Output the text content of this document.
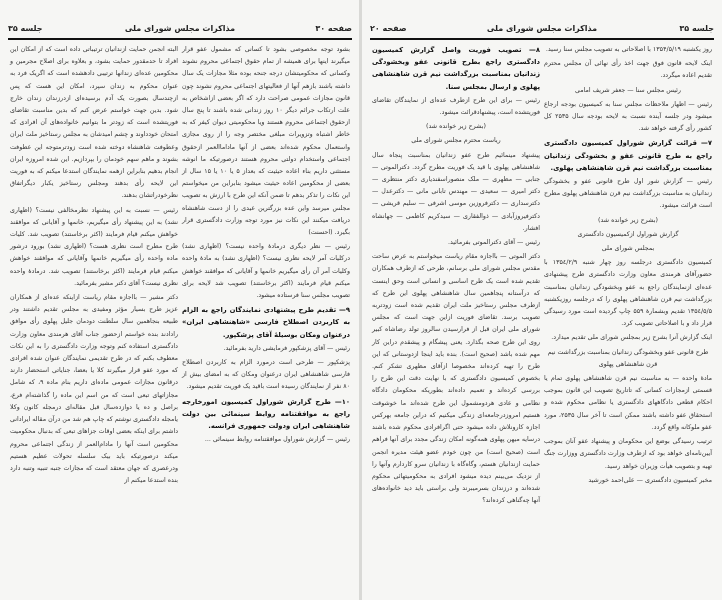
صفحه ۳۰
مذاکرات مجلس شورای ملی
جلسه ۳۵

بشود توجه مخصوصی بشود تا کسانی که مشمول عفو قرار میگیرند اینها برای همیشه از تمام حقوق اجتماعی محروم نشوند وکسانی که محکومیتشان درجه جنحه بوده مثلا مجازات یک سال داشته باشند بازهم آنها از فعالیتهای اجتماعی محروم نشوند چون قانون مجازات عمومی صراحت دارد که اگر بعضی ازاشخاص به علت ارتکاب جرائم دیگر ۱۰ روز زندانی شده باشند تا پنج سال ازحقوق اجتماعی محروم هستند ویا محکومیتی دیوان کیفر که به خاطر اشتباه وتزویرات مبلغی مختصر وجه را از روی مجازی واستعمال محکوم شده‌اند بعضی از آنها ماداماالعمر ازحقوق اجتماعی واستخدام دولتی محروم هستند درصورتیکه ما انوشه مستثنی داریم بناء اعاده حیثیت که بعداز ۵ یا ۱۰ یا ۱۵ سال از بعضی از محکومین اعاده حیثیت میشود بنابراین من میخواستم این نکات را تذکر بدهم تا ضمن آنکه این طرح با ارزش به تصویب مجلس میرسد واین عده بزرگترین عیدی را از دست شاهنشاه دریافت میکنند این نکات نیز مورد توجه وزارت دادگستری قرار بگیرد. (احسنت)

رئیس — نظر دیگری درمادهٔ واحده نیست؟ (اظهاری نشد) درکلیات آمر لایحه نظری نیست؟ (اظهاری نشد) به مادهٔ واحده وکلیات آمر آن رأی میگیریم خانمها و آقایانی که موافقند خواهش میکنم قیام فرمایند (اکثر برخاستند) تصویب شد لایحه برای تصویب مجلس سنا فرستاده میشود.

۹— تقدیم طرح پیشنهادی نمایندگان راجع به الزام به کاربردن اصطلاح فارسی «شاهنشاهی ایران» درعنوان ومکان بوسیلهٔ آقای پزشکپور.

رئیس — آقای پزشکپور فرمایشی دارید بفرمائید.

پزشکپور — طرحی است درمورد الزام به کاربردن اصطلاح فارسی شاهنشاهی ایران درعنوان ومکان که به امضای بیش از ۸۰ نفر از نمایندگان رسیده است باقید یک فوریت تقدیم میشود.

۱۰— طرح گزارش شوراول کمیسیون امورخارجه راجع به موافقتنامه روابط سینمائی بین دولت شاهنشاهی ایران ودولت جمهوری فرانسه.

رئیس — گزارش شوراول موافقتنامه روابط سینمائی ...

البته انجمن حمایت ازندانیان ترتیباتی داده است که از امکان این افراد تا حدمقدور حمایت بشود، و بعلاوه برای اصلاح مجرمین و محکومین عده‌ای زندانها ترتیبی دادهشده است که اگریک فرد به عنوان محکوم به زندان سپرد، امکان این هست که پس ازچندسال بصورت یک آدم برسیده‌ای ازدرزندان زندان خارج شود. بدین جهت خواستم عرض کنم که بدین مناسبت تقاضای فوریتشده است که زودتر ما بتوانیم خانواده‌های آن افرادی که امتحان خودداوند و چشم امیدشان به مجلس رستاخیز ملت ایران وعطوفت شاهنشاه دوخته شده است زودترمتوجه این عطوفت بشوند و ماهم سهم خودمان را بپردازیم. این شده امروزه ایران انجام بدهیم بنابراین ازهمه نمایندگان استدعا میکنم که به فوریت این لایحه رأی بدهند ومجلس رستاخیز یکبار دیگراتفاق نظرخودراتشان بدهند.

رئیس — نسبت به این پیشنهاد نظرمخالفی نیست؟ (اظهاری نشد) به این پیشنهاد رأی میگیریم، خانمها و آقایانی که موافقند خواهش میکنم قیام فرمایند (اکثر برخاستند) تصویب شد. کلیات طرح مطرح است نظری هست؟ (اظهاری نشد) بورود درشور ماده واحده رأی میگیریم خانمها وآقایانی که موافقند خواهش میکنم قیام فرمایند (اکثر برخاستند) تصویب شد. درمادهٔ واحده نظری نیست؟ آقای دکتر مشیر بفرمائید.

دکتر مشیر — بااجازه مقام ریاست ازاینکه عده‌ای از همکاران عزیز طرح بسیار مؤثر ومفیدی به مجلس تقدیم داشتند ودر طبیعه بنجاهمین سال سلطنت دودمان جلیل پهلوی رأی موافق رادادند بنده خواستم ازحضور جناب آقای هرمندی معاون وزارت دادگستری استفاده کنم وتوجه وزارت دادگستری را به این نکات معطوف بکنم که در طرح تقدیمی نمایندگان عنوان شده افرادی که مورد عفو قرار میگیرند کلا یا بعضا، جنایاتی استحضار دارند درقانون مجازات عمومی ماده‌ای داریم بنام ماده ۹، که شامل مجازاتهای تبعی است که من اسم این ماده را گذاشته‌ام فرع، براصل و ده یا دوازده‌سال قبل مقاله‌ای درمجله کانون وکلا یامجله دادگستری نوشتم که چاپ هم شد من درآن مقاله ایرادانی داشتم برای اینکه بعضی اوقات جزاهای تبعی که بدنبال محکومیت محکومین است آنها را مادام‌العمر از زندگی اجتماعی محروم میکند درصورتیکه باید بیک سلسله تحولات عظیم هستیم ودرعصری که جهان معتقد است که مجازات جنبه تنبیه وتنبه دارد بنده استدعا میکنم از

جلسه ۳۵
مذاکرات مجلس شورای ملی
صفحه ۲۰

روز یکشنبه ۱۳۵۴/۵/۱۹ با اصلاحاتی به تصویب مجلس سنا رسید.

اینک لایحه قانون فوق جهت اخذ رأی نهائی آن مجلس محترم تقدیم اعاده میگردد.

رئیس مجلس سنا — جعفر شریف امامی

رئیس — اظهار ملاحظات مجلس سنا به کمیسیون بودجه ارجاع میشود ودر جلسه آینده نسبت به لایحه بودجه سال ۲۵۳۵ کل کشور رأی گرفته خواهد شد.

۷— قرائت گزارش شوراول کمیسیون دادگستری راجع به طرح قانونی عفو و بخشودگی زندانیان بمناسبت بزرگداشت نیم قرن شاهنشاهی پهلوی.

رئیس — گزارش شور اول طرح قانونی عفو و بخشودگی زندانیان به مناسبت بزرگداشت نیم قرن شاهنشاهی پهلوی مطرح است قرائت میشود.

(بشرح زیر خوانده شد)

گزارش شوراول ازکمیسیون دادگستری

بمجلس شورای ملی

کمیسیون دادگستری درجلسه روز چهار شنبه ۱۳۵٤/۲/۹ با حضورآقای هرمندی معاون وزارت دادگستری طرح پیشنهادی عده‌ای ازنمایندگان راجع به عفو وبخشودگی زندانیان بمناسبت بزرگداشت نیم قرن شاهنشاهی پهلوی را که درجلسه روزیکشنبه ۱۳۵٤/۵/۵ تقدیم وبشمارهٔ ۵۵۹ چاپ گردیده است مورد رسیدگی قرار داد و با اصلاحاتی تصویب کرد.

اینک گزارش آنرا بشرح زیر بمجلس شورای ملی تقدیم میدارد.

طرح قانونی عفو وبخشودگی زندانیان بمناسبت بزرگداشت نیم قرن شاهنشاهی پهلوی

مادهٔ واحده — به مناسبت نیم قرن شاهنشاهی پهلوی تمام یا قسمتی ازمجازات کسانی که تاتاریخ تصویب این قانون بموجب احکام قطعی دادگاههای دادگستری یا نظامی محکوم شده و استحقاق عفو داشته باشند ممکن است تا آخر سال ۲۵۳۵، مورد عفو ملوکانه واقع گردد.

ترتیب رسیدگی بوضع این محکومان و پیشنهاد عفو آنان بموجب آیین‌نامه‌ای خواهد بود که ازطرف وزارت دادگستری ووزارت جنگ تهیه و بتصویب هیأت وزیران خواهد رسید.

مخبر کمیسیون دادگستری — علی‌احمد خورشید

۸— تصویب فوریت واصل گزارش کمیسیون دادگستری راجع بطرح قانونی عفو وبخشودگی زندانیان بمناسبت بزرگداشت نیم قرن شاهنشاهی پهلوی و ارسال بمجلس سنا.

رئیس — برای این طرح ازطرف عده‌ای از نمایندگان تقاضای فوریتشده است، پیشنهادقرائت میشود.

(بشرح زیر خوانده شد)

ریاست محترم مجلس شورای ملی

پیشنهاد مینمائیم طرح عفو زندانیان بمناسبت پنجاه سال شاهنشاهی پهلوی با قید یک فوریت مطرح گردد. دکترالموتی — جنابی — مظهری — ملک منصوراسفندیاری دکتر منتظری — دکتر امیری — سعیدی — مهندس تابانی مانی — دکترعدل — دکترسداری — دکترفروزین موسی اشرفی — سلیم قریشی — دکترفیروزآبادی — ذوالفقاری — سیدکریم کاظمی — جهانشاه افشار.

رئیس — آقای دکترالموتی بفرمائید.

دکتر الموتی — بااجازه مقام ریاست میخواستم به عرض ساحت مقدس مجلس شورای ملی برسانم، طرحی که ازطرف همکاران تقدیم شده است یک طرح اساسی و انسانی است وحق اینست که درآستانه پنجاهمین سال شاهنشاهی پهلوی این طرح که ازطرف مجلس رستاخیز ملت ایران تقدیم شده است زودتربه تصویب برسد. تقاضای فوریت ازاین جهت است که مجلس شورای ملی ایران قبل از فرارسیدن سالروز تولد رضاشاه کبیر روی این طرح صحه بگذارد. یعنی پیشگام و پیشقدم دراین کار مهم شده باشد (صحیح است). بنده باید اینجا ازدوستانی که این طرح را تهیه کرده‌اند مخصوصا ازآقای مظهری تشکر کنم. بخصوص کمیسیون دادگستری که با نهایت دقت این طرح را بررسی کرده‌اند و تعمیم داده‌اند بطوریکه محکومان دادگاه نظامی و عادی هردومشمول این طرح شده‌اند ما خوشوقت هستیم امروزدرجامعه‌ای زندگی میکنیم که دراین جامعه بهرکس اجازه کارونلاش داده میشود حتی اگرافرادی محکوم شده باشند درسایه میهن پهلوی همه‌گونه امکان زندگی مجدد برای آنها فراهم است (صحیح است) من چون خودم عضو هیئت مدیره انجمن حمایت ازندانیان هستم، وگاه‌گاه با زندانیان سرو کاردارم وآنها را از نزدیک می‌بینم دیده میشود افرادی به محکومیتهائی محکوم شده‌اند و درزندان بسرمیبرند ولی براستی باید دید خانواده‌های آنها چه‌گناهی کرده‌اند؟
